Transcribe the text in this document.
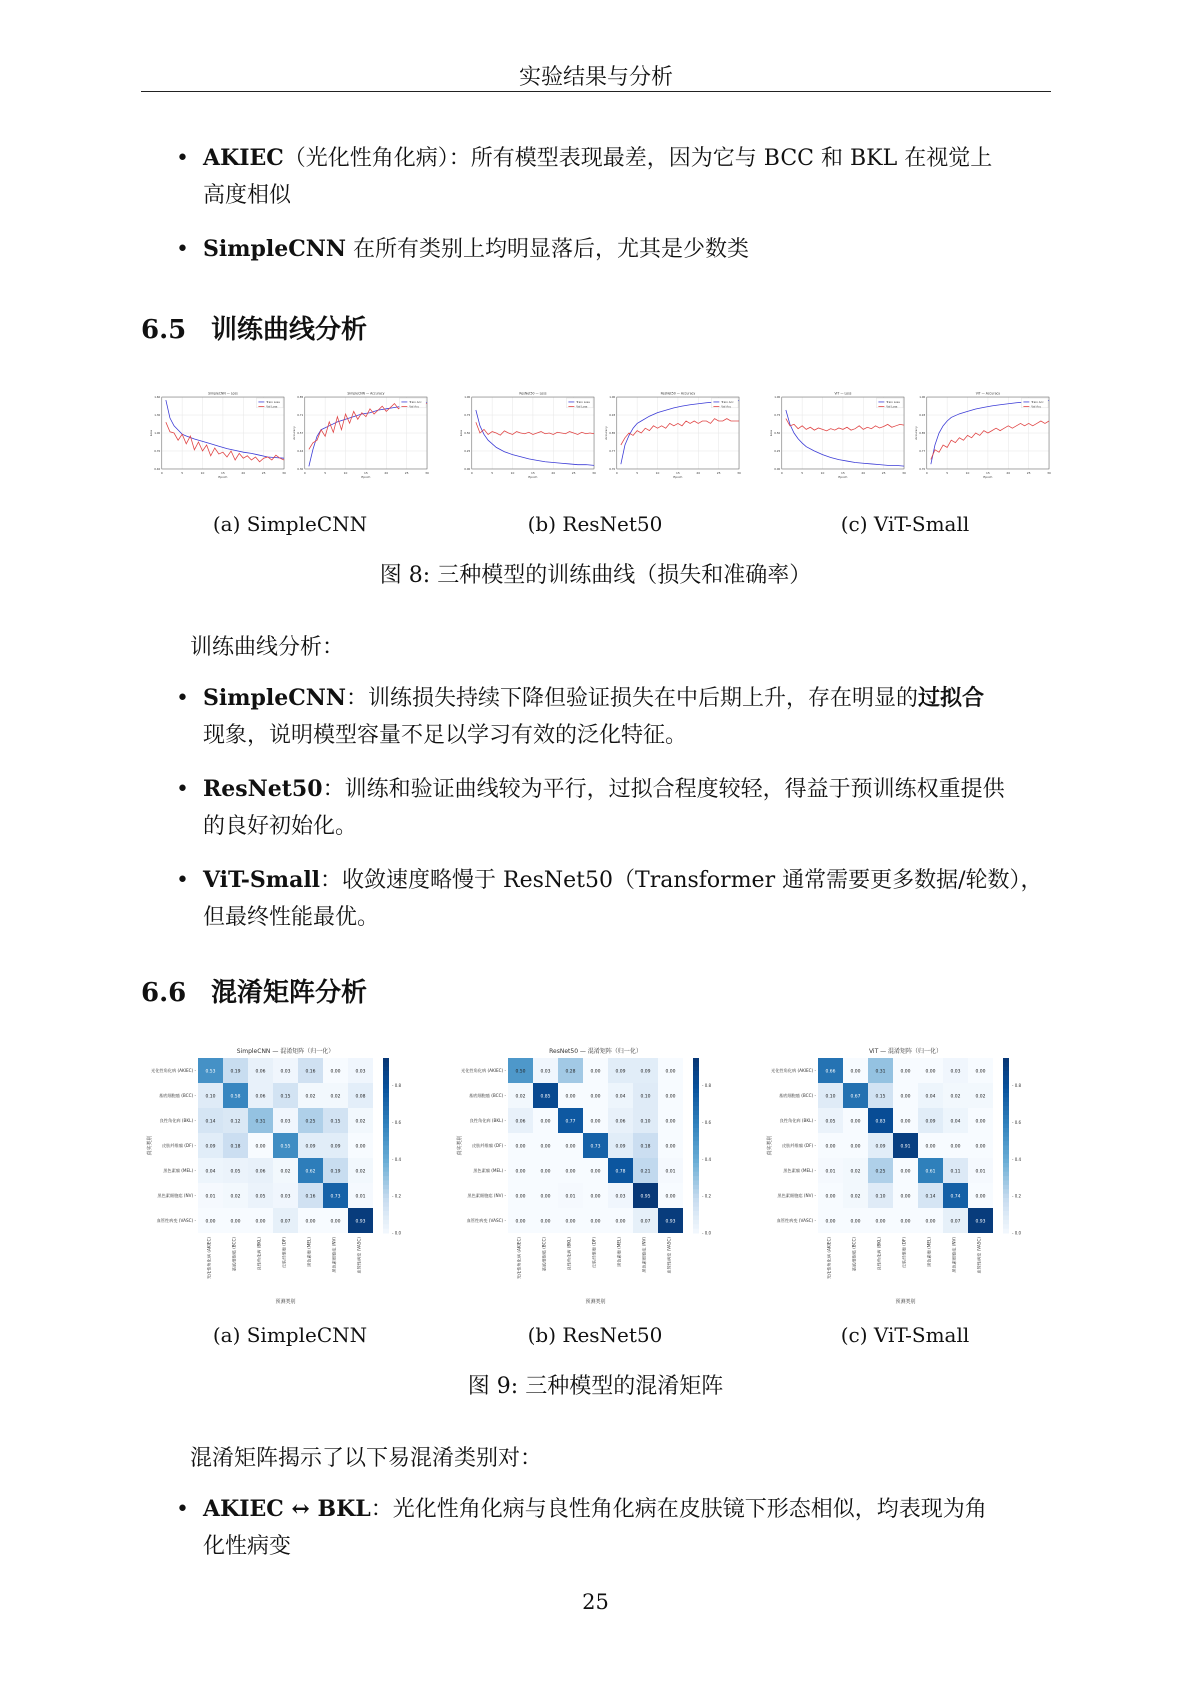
实验结果与分析
• AKIEC（光化性角化病）：所有模型表现最差，因为它与 BCC 和 BKL 在视觉上
高度相似
• SimpleCNN 在所有类别上均明显落后，尤其是少数类
6.5 训练曲线分析
0	5	10	15	20	25	30
0.40
0.70
1.00
1.30
1.60
SimpleCNN — Loss
Epoch
Loss
Train Loss
Val Loss
0	5	10	15	20	25	30
0.30
0.44
0.57
0.71
0.85
SimpleCNN — Accuracy
Epoch
Accuracy
Train Acc
Val Acc
0	5	10	15	20	25	30
0.00
0.25
0.50
0.75
1.00
ResNet50 — Loss
Epoch
Loss
Train Loss
Val Loss
0	5	10	15	20	25	30
0.70
0.77
0.85
0.93
1.00
ResNet50 — Accuracy
Epoch
Accuracy
Train Acc
Val Acc
0	5	10	15	20	25	30
0.00
0.25
0.50
0.75
1.00
ViT — Loss
Epoch
Loss
Train Loss
Val Loss
0	5	10	15	20	25	30
0.70
0.77
0.85
0.93
1.00
ViT — Accuracy
Epoch
Accuracy
Train Acc
Val Acc
(a) SimpleCNN	(b) ResNet50	(c) ViT-Small
图 8: 三种模型的训练曲线（损失和准确率）
训练曲线分析：
• SimpleCNN：训练损失持续下降但验证损失在中后期上升，存在明显的过拟合
现象，说明模型容量不足以学习有效的泛化特征。
• ResNet50：训练和验证曲线较为平行，过拟合程度较轻，得益于预训练权重提供
的良好初始化。
• ViT-Small：收敛速度略慢于 ResNet50（Transformer 通常需要更多数据/轮数），
但最终性能最优。
6.6 混淆矩阵分析
SimpleCNN — 混淆矩阵（归一化）
0.53	0.19	0.06	0.03	0.16	0.00	0.03
光化性角化病 (AKIEC) -
0.10	0.58	0.06	0.15	0.02	0.02	0.08
基底细胞癌 (BCC) -
0.14	0.12	0.31	0.03	0.25	0.15	0.02
良性角化病 (BKL) -
0.09	0.18	0.00	0.55	0.09	0.09	0.00
皮肤纤维瘤 (DF) -
0.04	0.05	0.06	0.02	0.62	0.19	0.02
黑色素瘤 (MEL) -
0.01	0.02	0.05	0.03	0.16	0.73	0.01
黑色素细胞痣 (NV) -
0.00	0.00	0.00	0.07	0.00	0.00	0.93
血管性病变 (VASC) -
光化性角化病 (AKIEC)	基底细胞癌 (BCC)	良性角化病 (BKL)	皮肤纤维瘤 (DF)	黑色素瘤 (MEL)	黑色素细胞痣 (NV)	血管性病变 (VASC)
预测类别
真实类别
- 0.0
- 0.2
- 0.4
- 0.6
- 0.8
ResNet50 — 混淆矩阵（归一化）
0.50	0.03	0.28	0.00	0.09	0.09	0.00
光化性角化病 (AKIEC) -
0.02	0.85	0.00	0.00	0.04	0.10	0.00
基底细胞癌 (BCC) -
0.06	0.00	0.77	0.00	0.06	0.10	0.00
良性角化病 (BKL) -
0.00	0.00	0.00	0.73	0.09	0.18	0.00
皮肤纤维瘤 (DF) -
0.00	0.00	0.00	0.00	0.78	0.21	0.01
黑色素瘤 (MEL) -
0.00	0.00	0.01	0.00	0.03	0.95	0.00
黑色素细胞痣 (NV) -
0.00	0.00	0.00	0.00	0.00	0.07	0.93
血管性病变 (VASC) -
光化性角化病 (AKIEC)	基底细胞癌 (BCC)	良性角化病 (BKL)	皮肤纤维瘤 (DF)	黑色素瘤 (MEL)	黑色素细胞痣 (NV)	血管性病变 (VASC)
预测类别
真实类别
- 0.0
- 0.2
- 0.4
- 0.6
- 0.8
ViT — 混淆矩阵（归一化）
0.66	0.00	0.31	0.00	0.00	0.03	0.00
光化性角化病 (AKIEC) -
0.10	0.67	0.15	0.00	0.04	0.02	0.02
基底细胞癌 (BCC) -
0.05	0.00	0.83	0.00	0.09	0.04	0.00
良性角化病 (BKL) -
0.00	0.00	0.09	0.91	0.00	0.00	0.00
皮肤纤维瘤 (DF) -
0.01	0.02	0.25	0.00	0.61	0.11	0.01
黑色素瘤 (MEL) -
0.00	0.02	0.10	0.00	0.14	0.74	0.00
黑色素细胞痣 (NV) -
0.00	0.00	0.00	0.00	0.00	0.07	0.93
血管性病变 (VASC) -
光化性角化病 (AKIEC)	基底细胞癌 (BCC)	良性角化病 (BKL)	皮肤纤维瘤 (DF)	黑色素瘤 (MEL)	黑色素细胞痣 (NV)	血管性病变 (VASC)
预测类别
真实类别
- 0.0
- 0.2
- 0.4
- 0.6
- 0.8
(a) SimpleCNN	(b) ResNet50	(c) ViT-Small
图 9: 三种模型的混淆矩阵
混淆矩阵揭示了以下易混淆类别对：
• AKIEC ↔ BKL：光化性角化病与良性角化病在皮肤镜下形态相似，均表现为角
化性病变
25
